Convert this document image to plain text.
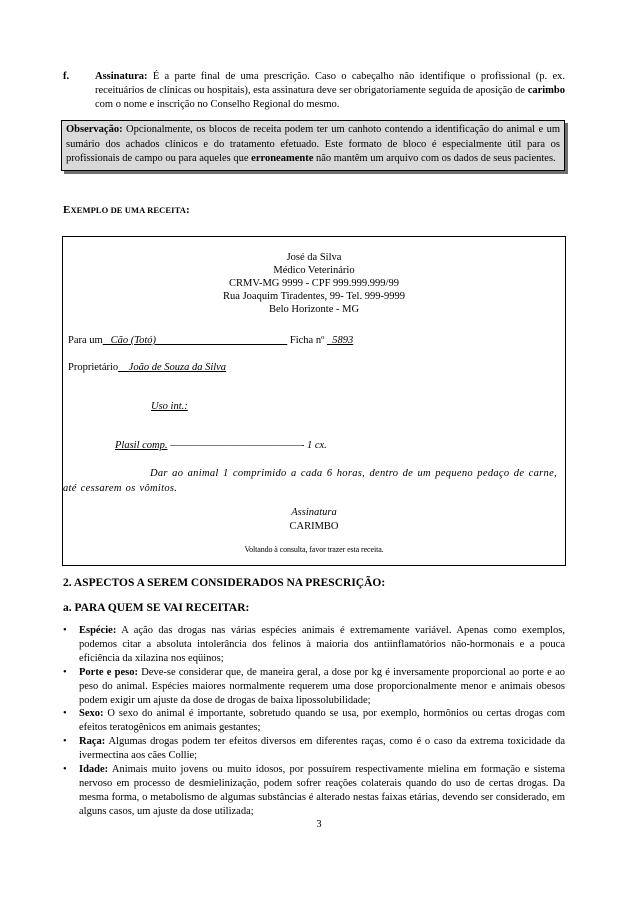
f. Assinatura: É a parte final de uma prescrição. Caso o cabeçalho não identifique o profissional (p. ex. receituários de clínicas ou hospitais), esta assinatura deve ser obrigatoriamente seguida de aposição de carimbo com o nome e inscrição no Conselho Regional do mesmo.
Observação: Opcionalmente, os blocos de receita podem ter um canhoto contendo a identificação do animal e um sumário dos achados clínicos e do tratamento efetuado. Este formato de bloco é especialmente útil para os profissionais de campo ou para aqueles que erroneamente não mantêm um arquivo com os dados de seus pacientes.
EXEMPLO DE UMA RECEITA:
José da Silva
Médico Veterinário
CRMV-MG 9999 - CPF 999.999.999/99
Rua Joaquim Tiradentes, 99- Tel. 999-9999
Belo Horizonte - MG
Para um Cão (Totó)	Ficha nº 5893
Proprietário João de Souza da Silva
Uso int.:
Plasil comp. ——————————————- 1 cx.
Dar ao animal 1 comprimido a cada 6 horas, dentro de um pequeno pedaço de carne, até cessarem os vômitos.
Assinatura
CARIMBO
Voltando à consulta, favor trazer esta receita.
2. ASPECTOS A SEREM CONSIDERADOS NA PRESCRIÇÃO:
a. PARA QUEM SE VAI RECEITAR:
• Espécie: A ação das drogas nas várias espécies animais é extremamente variável. Apenas como exemplos, podemos citar a absoluta intolerância dos felinos à maioria dos antiinflamatórios não-hormonais e a pouca eficiência da xilazina nos eqüinos;
• Porte e peso: Deve-se considerar que, de maneira geral, a dose por kg é inversamente proporcional ao porte e ao peso do animal. Espécies maiores normalmente requerem uma dose proporcionalmente menor e animais obesos podem exigir um ajuste da dose de drogas de baixa lipossolubilidade;
• Sexo: O sexo do animal é importante, sobretudo quando se usa, por exemplo, hormônios ou certas drogas com efeitos teratogênicos em animais gestantes;
• Raça: Algumas drogas podem ter efeitos diversos em diferentes raças, como é o caso da extrema toxicidade da ivermectina aos cães Collie;
• Idade: Animais muito jovens ou muito idosos, por possuírem respectivamente mielina em formação e sistema nervoso em processo de desmielinização, podem sofrer reações colaterais quando do uso de certas drogas. Da mesma forma, o metabolismo de algumas substâncias é alterado nestas faixas etárias, devendo ser considerado, em alguns casos, um ajuste da dose utilizada;
3
